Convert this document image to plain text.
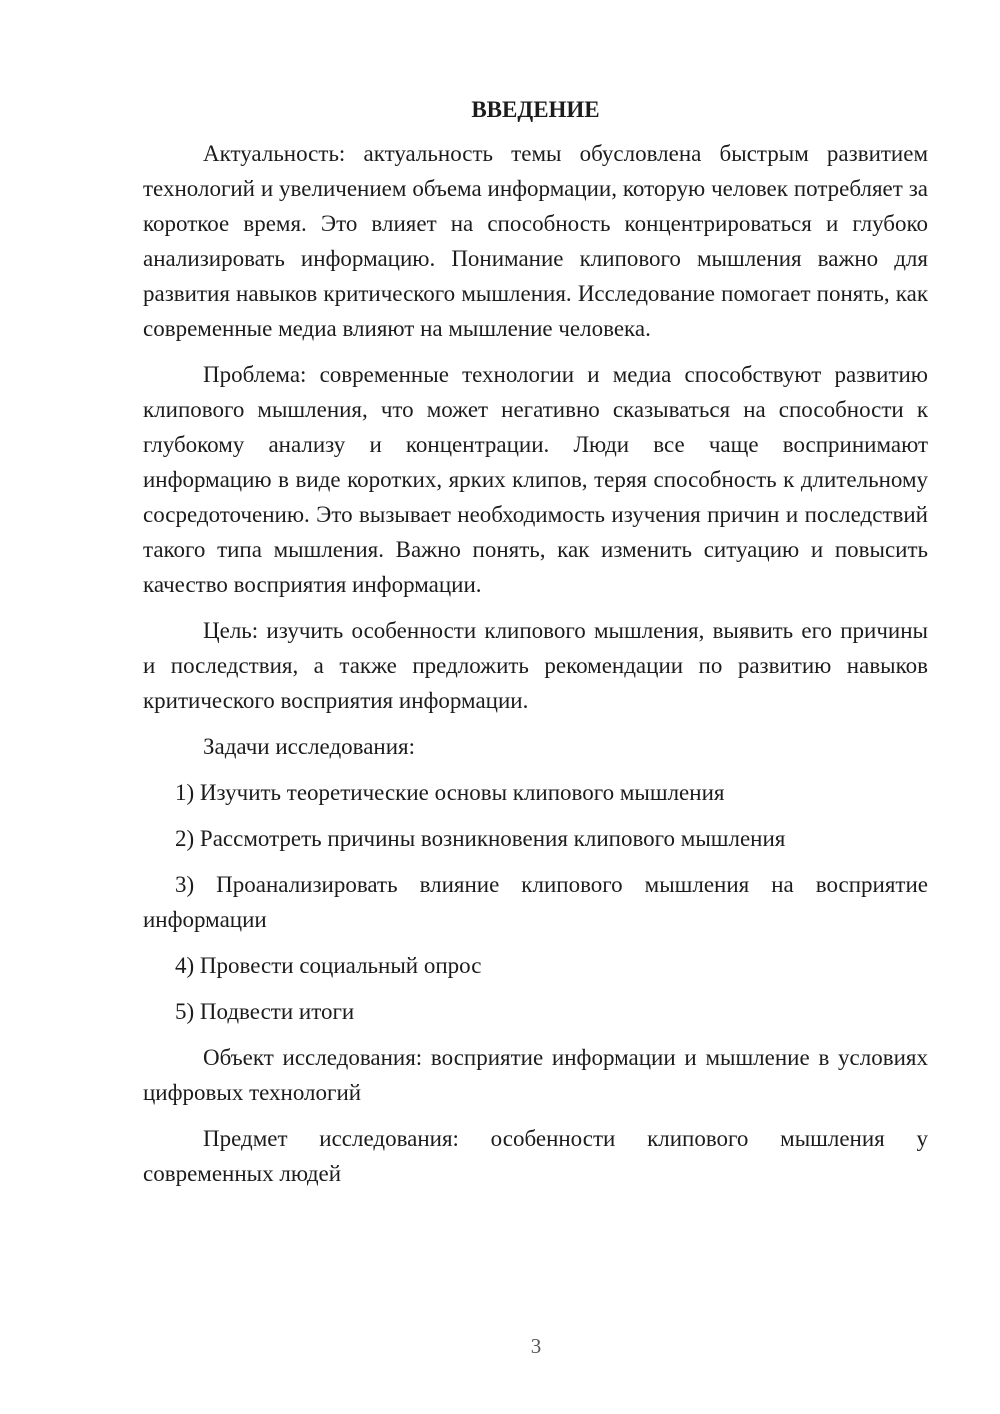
ВВЕДЕНИЕ

Актуальность: актуальность темы обусловлена быстрым развитием технологий и увеличением объема информации, которую человек потребляет за короткое время. Это влияет на способность концентрироваться и глубоко анализировать информацию. Понимание клипового мышления важно для развития навыков критического мышления. Исследование помогает понять, как современные медиа влияют на мышление человека.

Проблема: современные технологии и медиа способствуют развитию клипового мышления, что может негативно сказываться на способности к глубокому анализу и концентрации. Люди все чаще воспринимают информацию в виде коротких, ярких клипов, теряя способность к длительному сосредоточению. Это вызывает необходимость изучения причин и последствий такого типа мышления. Важно понять, как изменить ситуацию и повысить качество восприятия информации.

Цель: изучить особенности клипового мышления, выявить его причины и последствия, а также предложить рекомендации по развитию навыков критического восприятия информации.

Задачи исследования:

1) Изучить теоретические основы клипового мышления

2) Рассмотреть причины возникновения клипового мышления

3) Проанализировать влияние клипового мышления на восприятие информации

4) Провести социальный опрос

5) Подвести итоги

Объект исследования: восприятие информации и мышление в условиях цифровых технологий

Предмет исследования: особенности клипового мышления у современных людей

3
